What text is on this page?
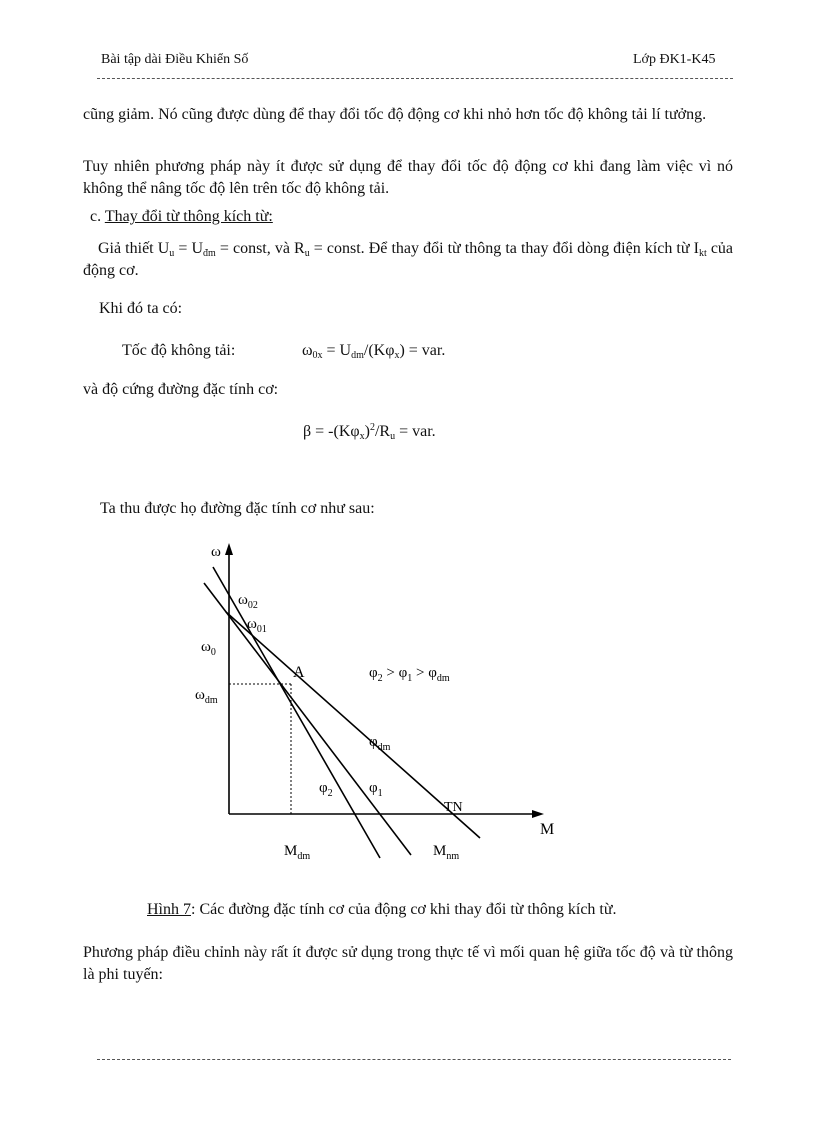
Bài tập dài Điều Khiển Số	Lớp ĐK1-K45
cũng giảm. Nó cũng được dùng để thay đổi tốc độ động cơ khi nhỏ hơn tốc độ không tải lí tưởng.
Tuy nhiên phương pháp này ít được sử dụng để thay đổi tốc độ động cơ khi đang làm việc vì nó không thể nâng tốc độ lên trên tốc độ không tải.
c. Thay đổi từ thông kích từ:
Giả thiết $U_u = U_{đm}$ = const, và $R_u$ = const. Để thay đổi từ thông ta thay đổi dòng điện kích từ $I_{kt}$ của động cơ.
Khi đó ta có:
Tốc độ không tải:	$\omega_{0x} = U_{dm}/(K\varphi_x)$ = var.
và độ cứng đường đặc tính cơ:
$\beta = -(K\varphi_x)^2/R_u$ = var.
Ta thu được họ đường đặc tính cơ như sau:
ω
M
$\omega_{02}$
$\omega_{01}$
$\omega_0$
$\omega_{dm}$
A	$\varphi_2 > \varphi_1 > \varphi_{dm}$
$\varphi_{dm}$
$\varphi_2$ $\varphi_1$
TN
$M_{dm}$	$M_{nm}$
Hình 7: Các đường đặc tính cơ của động cơ khi thay đổi từ thông kích từ.
Phương pháp điều chỉnh này rất ít được sử dụng trong thực tế vì mối quan hệ giữa tốc độ và từ thông là phi tuyến:
